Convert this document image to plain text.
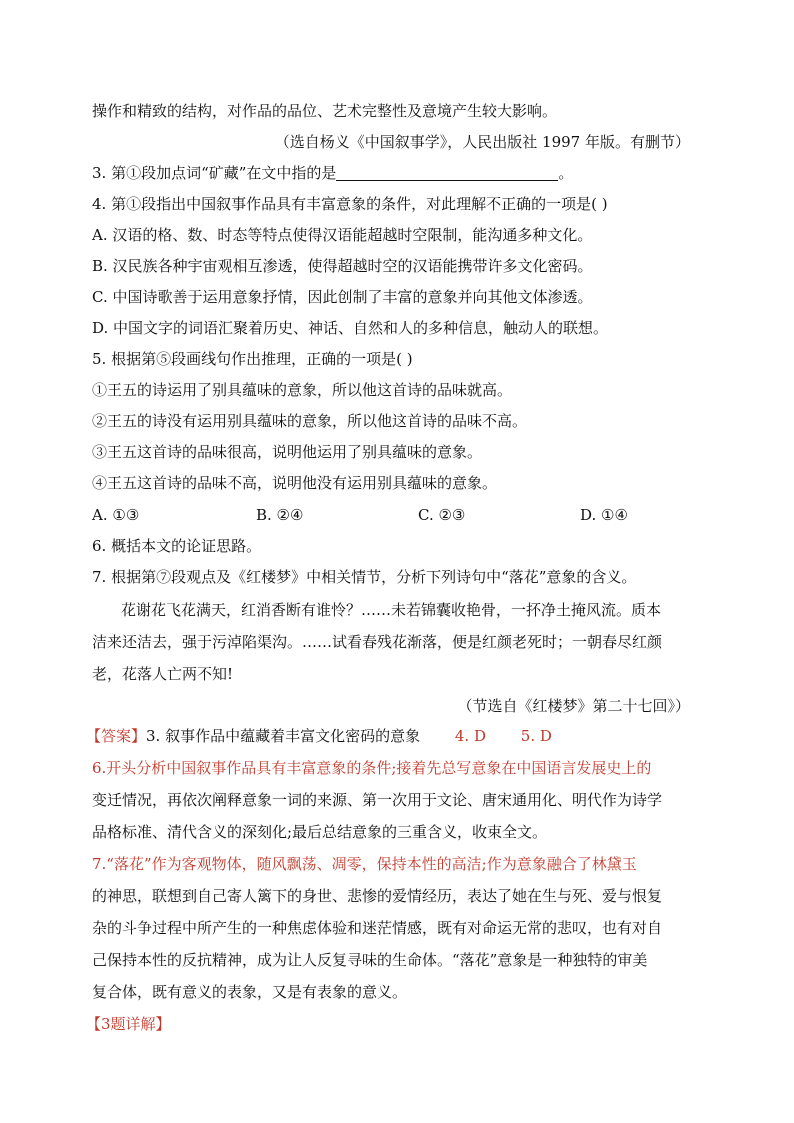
操作和精致的结构，对作品的品位、艺术完整性及意境产生较大影响。
（选自杨义《中国叙事学》，人民出版社 1997 年版。有删节）
3. 第①段加点词“矿藏”在文中指的是	。
4. 第①段指出中国叙事作品具有丰富意象的条件，对此理解不正确的一项是( )
A. 汉语的格、数、时态等特点使得汉语能超越时空限制，能沟通多种文化。
B. 汉民族各种宇宙观相互渗透，使得超越时空的汉语能携带许多文化密码。
C. 中国诗歌善于运用意象抒情，因此创制了丰富的意象并向其他文体渗透。
D. 中国文字的词语汇聚着历史、神话、自然和人的多种信息，触动人的联想。
5. 根据第⑤段画线句作出推理，正确的一项是( )
①王五的诗运用了别具蕴味的意象，所以他这首诗的品味就高。
②王五的诗没有运用别具蕴味的意象，所以他这首诗的品味不高。
③王五这首诗的品味很高，说明他运用了别具蕴味的意象。
④王五这首诗的品味不高，说明他没有运用别具蕴味的意象。
A. ①③	B. ②④	C. ②③	D. ①④
6. 概括本文的论证思路。
7. 根据第⑦段观点及《红楼梦》中相关情节，分析下列诗句中“落花”意象的含义。
花谢花飞花满天，红消香断有谁怜？……未若锦囊收艳骨，一抔净土掩风流。质本
洁来还洁去，强于污淖陷渠沟。……试看春残花渐落，便是红颜老死时；一朝春尽红颜
老，花落人亡两不知!
（节选自《红楼梦》第二十七回》）
【答案】3. 叙事作品中蕴藏着丰富文化密码的意象 4. D 5. D
6.开头分析中国叙事作品具有丰富意象的条件;接着先总写意象在中国语言发展史上的
变迁情况，再依次阐释意象一词的来源、第一次用于文论、唐宋通用化、明代作为诗学
品格标准、清代含义的深刻化;最后总结意象的三重含义，收束全文。
7.“落花”作为客观物体，随风飘荡、凋零，保持本性的高洁;作为意象融合了林黛玉
的神思，联想到自己寄人篱下的身世、悲惨的爱情经历，表达了她在生与死、爱与恨复
杂的斗争过程中所产生的一种焦虑体验和迷茫情感，既有对命运无常的悲叹，也有对自
己保持本性的反抗精神，成为让人反复寻味的生命体。“落花”意象是一种独特的审美
复合体，既有意义的表象，又是有表象的意义。
【3题详解】
